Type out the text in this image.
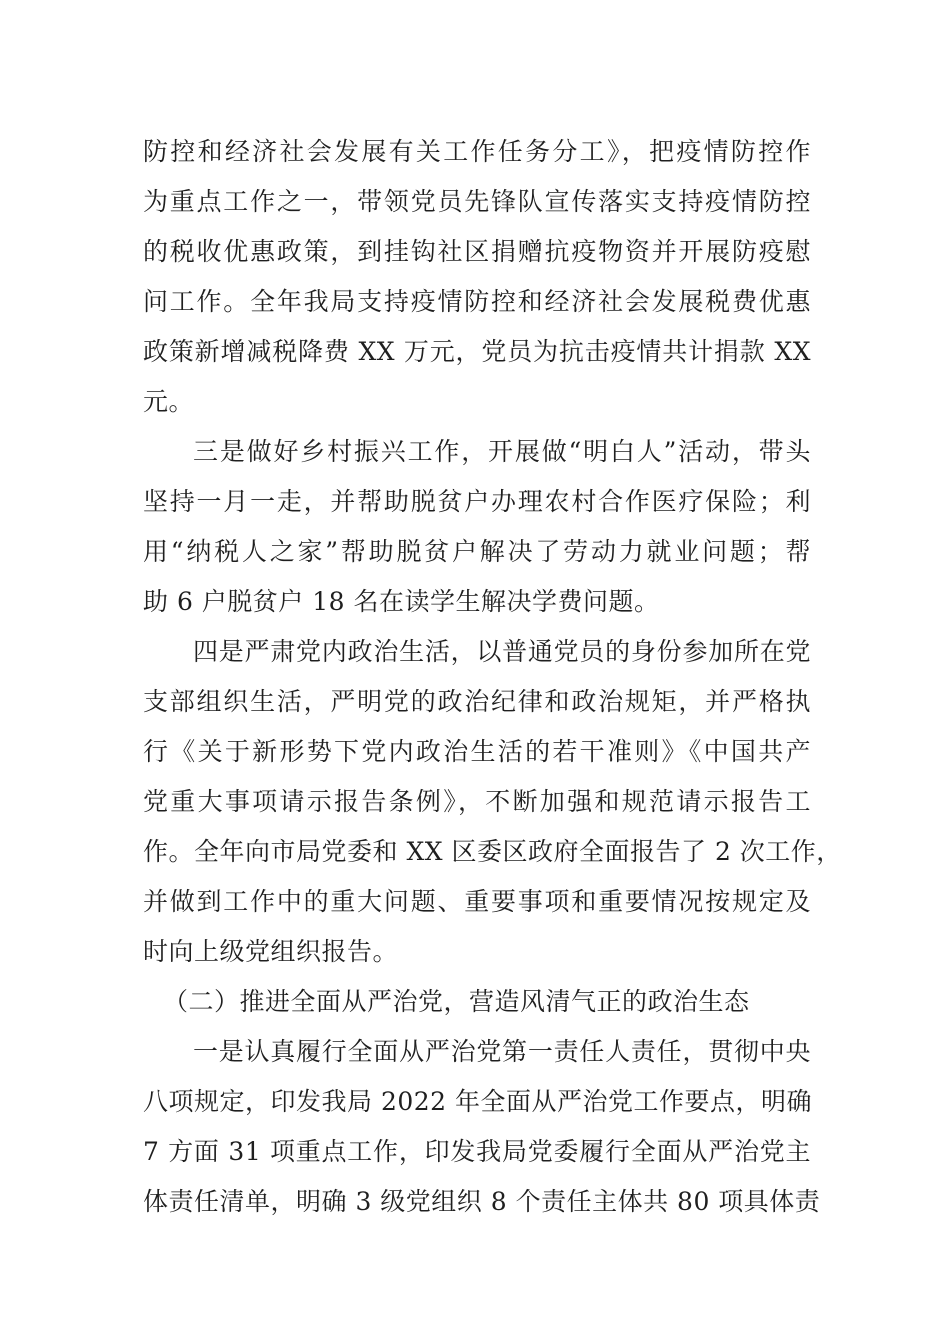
防控和经济社会发展有关工作任务分工》，把疫情防控作
为重点工作之一，带领党员先锋队宣传落实支持疫情防控
的税收优惠政策，到挂钩社区捐赠抗疫物资并开展防疫慰
问工作。全年我局支持疫情防控和经济社会发展税费优惠
政策新增减税降费 XX 万元，党员为抗击疫情共计捐款 XX
元。
三是做好乡村振兴工作，开展做“明白人”活动，带头
坚持一月一走，并帮助脱贫户办理农村合作医疗保险；利
用“纳税人之家”帮助脱贫户解决了劳动力就业问题；帮
助 6 户脱贫户 18 名在读学生解决学费问题。
四是严肃党内政治生活，以普通党员的身份参加所在党
支部组织生活，严明党的政治纪律和政治规矩，并严格执
行《关于新形势下党内政治生活的若干准则》《中国共产
党重大事项请示报告条例》，不断加强和规范请示报告工
作。全年向市局党委和 XX 区委区政府全面报告了 2 次工作，
并做到工作中的重大问题、重要事项和重要情况按规定及
时向上级党组织报告。
（二）推进全面从严治党，营造风清气正的政治生态
一是认真履行全面从严治党第一责任人责任，贯彻中央
八项规定，印发我局 2022 年全面从严治党工作要点，明确
7 方面 31 项重点工作，印发我局党委履行全面从严治党主
体责任清单，明确 3 级党组织 8 个责任主体共 80 项具体责
